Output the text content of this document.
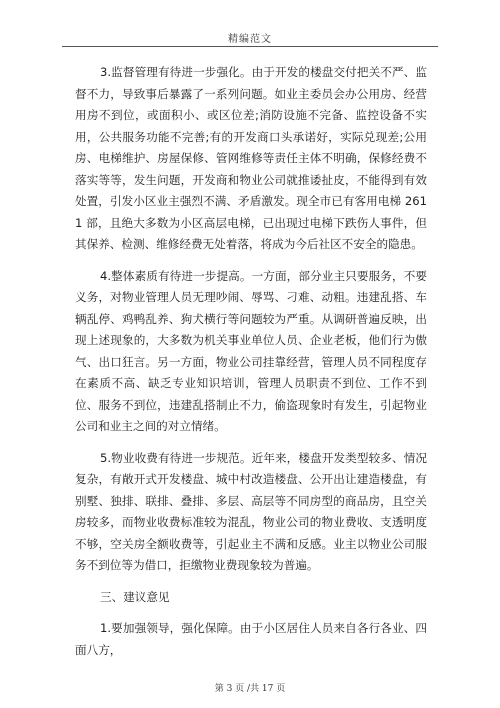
精编范文

3.监督管理有待进一步强化。由于开发的楼盘交付把关不严、监督不力，导致事后暴露了一系列问题。如业主委员会办公用房、经营用房不到位，或面积小、或区位差;消防设施不完备、监控设备不实用，公共服务功能不完善;有的开发商口头承诺好，实际兑现差;公用房、电梯维护、房屋保修、管网维修等责任主体不明确，保修经费不落实等等，发生问题，开发商和物业公司就推诿扯皮，不能得到有效处置，引发小区业主强烈不满、矛盾激发。现全市已有客用电梯 2611 部，且绝大多数为小区高层电梯，已出现过电梯下跌伤人事件，但其保养、检测、维修经费无处着落，将成为今后社区不安全的隐患。

4.整体素质有待进一步提高。一方面，部分业主只要服务，不要义务，对物业管理人员无理吵闹、辱骂、刁难、动粗。违建乱搭、车辆乱停、鸡鸭乱养、狗犬横行等问题较为严重。从调研普遍反映，出现上述现象的，大多数为机关事业单位人员、企业老板，他们行为傲气、出口狂言。另一方面，物业公司挂靠经营，管理人员不同程度存在素质不高、缺乏专业知识培训，管理人员职责不到位、工作不到位、服务不到位，违建乱搭制止不力，偷盗现象时有发生，引起物业公司和业主之间的对立情绪。

5.物业收费有待进一步规范。近年来，楼盘开发类型较多、情况复杂，有敞开式开发楼盘、城中村改造楼盘、公开出让建造楼盘，有别墅、独排、联排、叠排、多层、高层等不同房型的商品房，且空关房较多，而物业收费标准较为混乱，物业公司的物业费收、支透明度不够，空关房全额收费等，引起业主不满和反感。业主以物业公司服务不到位等为借口，拒缴物业费现象较为普遍。

三、建议意见

1.要加强领导，强化保障。由于小区居住人员来自各行各业、四面八方，

第 3 页 /共 17 页
